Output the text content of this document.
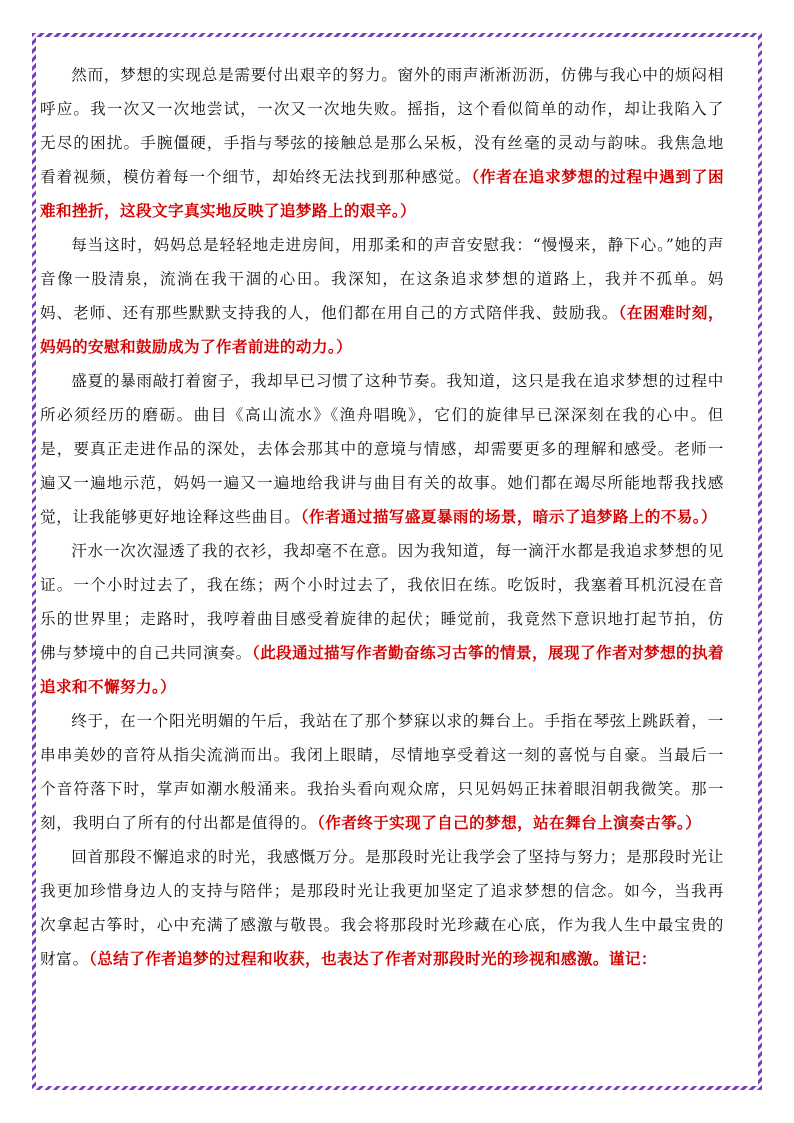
然而，梦想的实现总是需要付出艰辛的努力。窗外的雨声淅淅沥沥，仿佛与我心中的烦闷相呼应。我一次又一次地尝试，一次又一次地失败。摇指，这个看似简单的动作，却让我陷入了无尽的困扰。手腕僵硬，手指与琴弦的接触总是那么呆板，没有丝毫的灵动与韵味。我焦急地看着视频，模仿着每一个细节，却始终无法找到那种感觉。（作者在追求梦想的过程中遇到了困难和挫折，这段文字真实地反映了追梦路上的艰辛。）

每当这时，妈妈总是轻轻地走进房间，用那柔和的声音安慰我：“慢慢来，静下心。”她的声音像一股清泉，流淌在我干涸的心田。我深知，在这条追求梦想的道路上，我并不孤单。妈妈、老师、还有那些默默支持我的人，他们都在用自己的方式陪伴我、鼓励我。（在困难时刻，妈妈的安慰和鼓励成为了作者前进的动力。）

盛夏的暴雨敲打着窗子，我却早已习惯了这种节奏。我知道，这只是我在追求梦想的过程中所必须经历的磨砺。曲目《高山流水》《渔舟唱晚》，它们的旋律早已深深刻在我的心中。但是，要真正走进作品的深处，去体会那其中的意境与情感，却需要更多的理解和感受。老师一遍又一遍地示范，妈妈一遍又一遍地给我讲与曲目有关的故事。她们都在竭尽所能地帮我找感觉，让我能够更好地诠释这些曲目。（作者通过描写盛夏暴雨的场景，暗示了追梦路上的不易。）

汗水一次次湿透了我的衣衫，我却毫不在意。因为我知道，每一滴汗水都是我追求梦想的见证。一个小时过去了，我在练；两个小时过去了，我依旧在练。吃饭时，我塞着耳机沉浸在音乐的世界里；走路时，我哼着曲目感受着旋律的起伏；睡觉前，我竟然下意识地打起节拍，仿佛与梦境中的自己共同演奏。（此段通过描写作者勤奋练习古筝的情景，展现了作者对梦想的执着追求和不懈努力。）

终于，在一个阳光明媚的午后，我站在了那个梦寐以求的舞台上。手指在琴弦上跳跃着，一串串美妙的音符从指尖流淌而出。我闭上眼睛，尽情地享受着这一刻的喜悦与自豪。当最后一个音符落下时，掌声如潮水般涌来。我抬头看向观众席，只见妈妈正抹着眼泪朝我微笑。那一刻，我明白了所有的付出都是值得的。（作者终于实现了自己的梦想，站在舞台上演奏古筝。）

回首那段不懈追求的时光，我感慨万分。是那段时光让我学会了坚持与努力；是那段时光让我更加珍惜身边人的支持与陪伴；是那段时光让我更加坚定了追求梦想的信念。如今，当我再次拿起古筝时，心中充满了感激与敬畏。我会将那段时光珍藏在心底，作为我人生中最宝贵的财富。（总结了作者追梦的过程和收获，也表达了作者对那段时光的珍视和感激。谨记：
